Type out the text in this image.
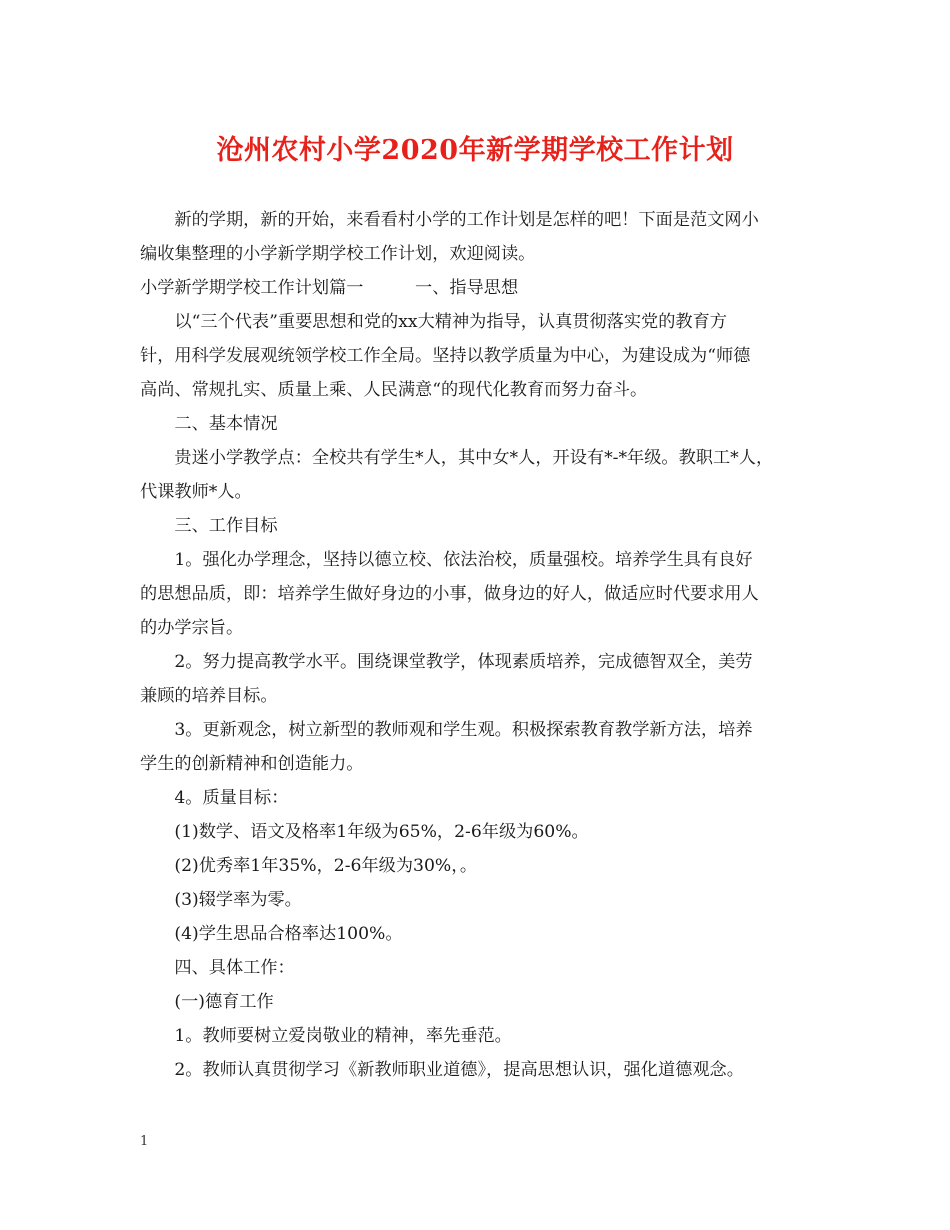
沧州农村小学2020年新学期学校工作计划
　　新的学期，新的开始，来看看村小学的工作计划是怎样的吧！下面是范文网小
编收集整理的小学新学期学校工作计划，欢迎阅读。
小学新学期学校工作计划篇一　　　一、指导思想
　　以“三个代表”重要思想和党的xx大精神为指导，认真贯彻落实党的教育方
针，用科学发展观统领学校工作全局。坚持以教学质量为中心，为建设成为“师德
高尚、常规扎实、质量上乘、人民满意“的现代化教育而努力奋斗。
　　二、基本情况
　　贵迷小学教学点：全校共有学生*人，其中女*人，开设有*-*年级。教职工*人，
代课教师*人。
　　三、工作目标
　　1。强化办学理念，坚持以德立校、依法治校，质量强校。培养学生具有良好
的思想品质，即：培养学生做好身边的小事，做身边的好人，做适应时代要求用人
的办学宗旨。
　　2。努力提高教学水平。围绕课堂教学，体现素质培养，完成德智双全，美劳
兼顾的培养目标。
　　3。更新观念，树立新型的教师观和学生观。积极探索教育教学新方法，培养
学生的创新精神和创造能力。
　　4。质量目标：
　　(1)数学、语文及格率1年级为65%，2-6年级为60%。
　　(2)优秀率1年35%，2-6年级为30%，。
　　(3)辍学率为零。
　　(4)学生思品合格率达100%。
　　四、具体工作：
　　(一)德育工作
　　1。教师要树立爱岗敬业的精神，率先垂范。
　　2。教师认真贯彻学习《新教师职业道德》，提高思想认识，强化道德观念。
1
